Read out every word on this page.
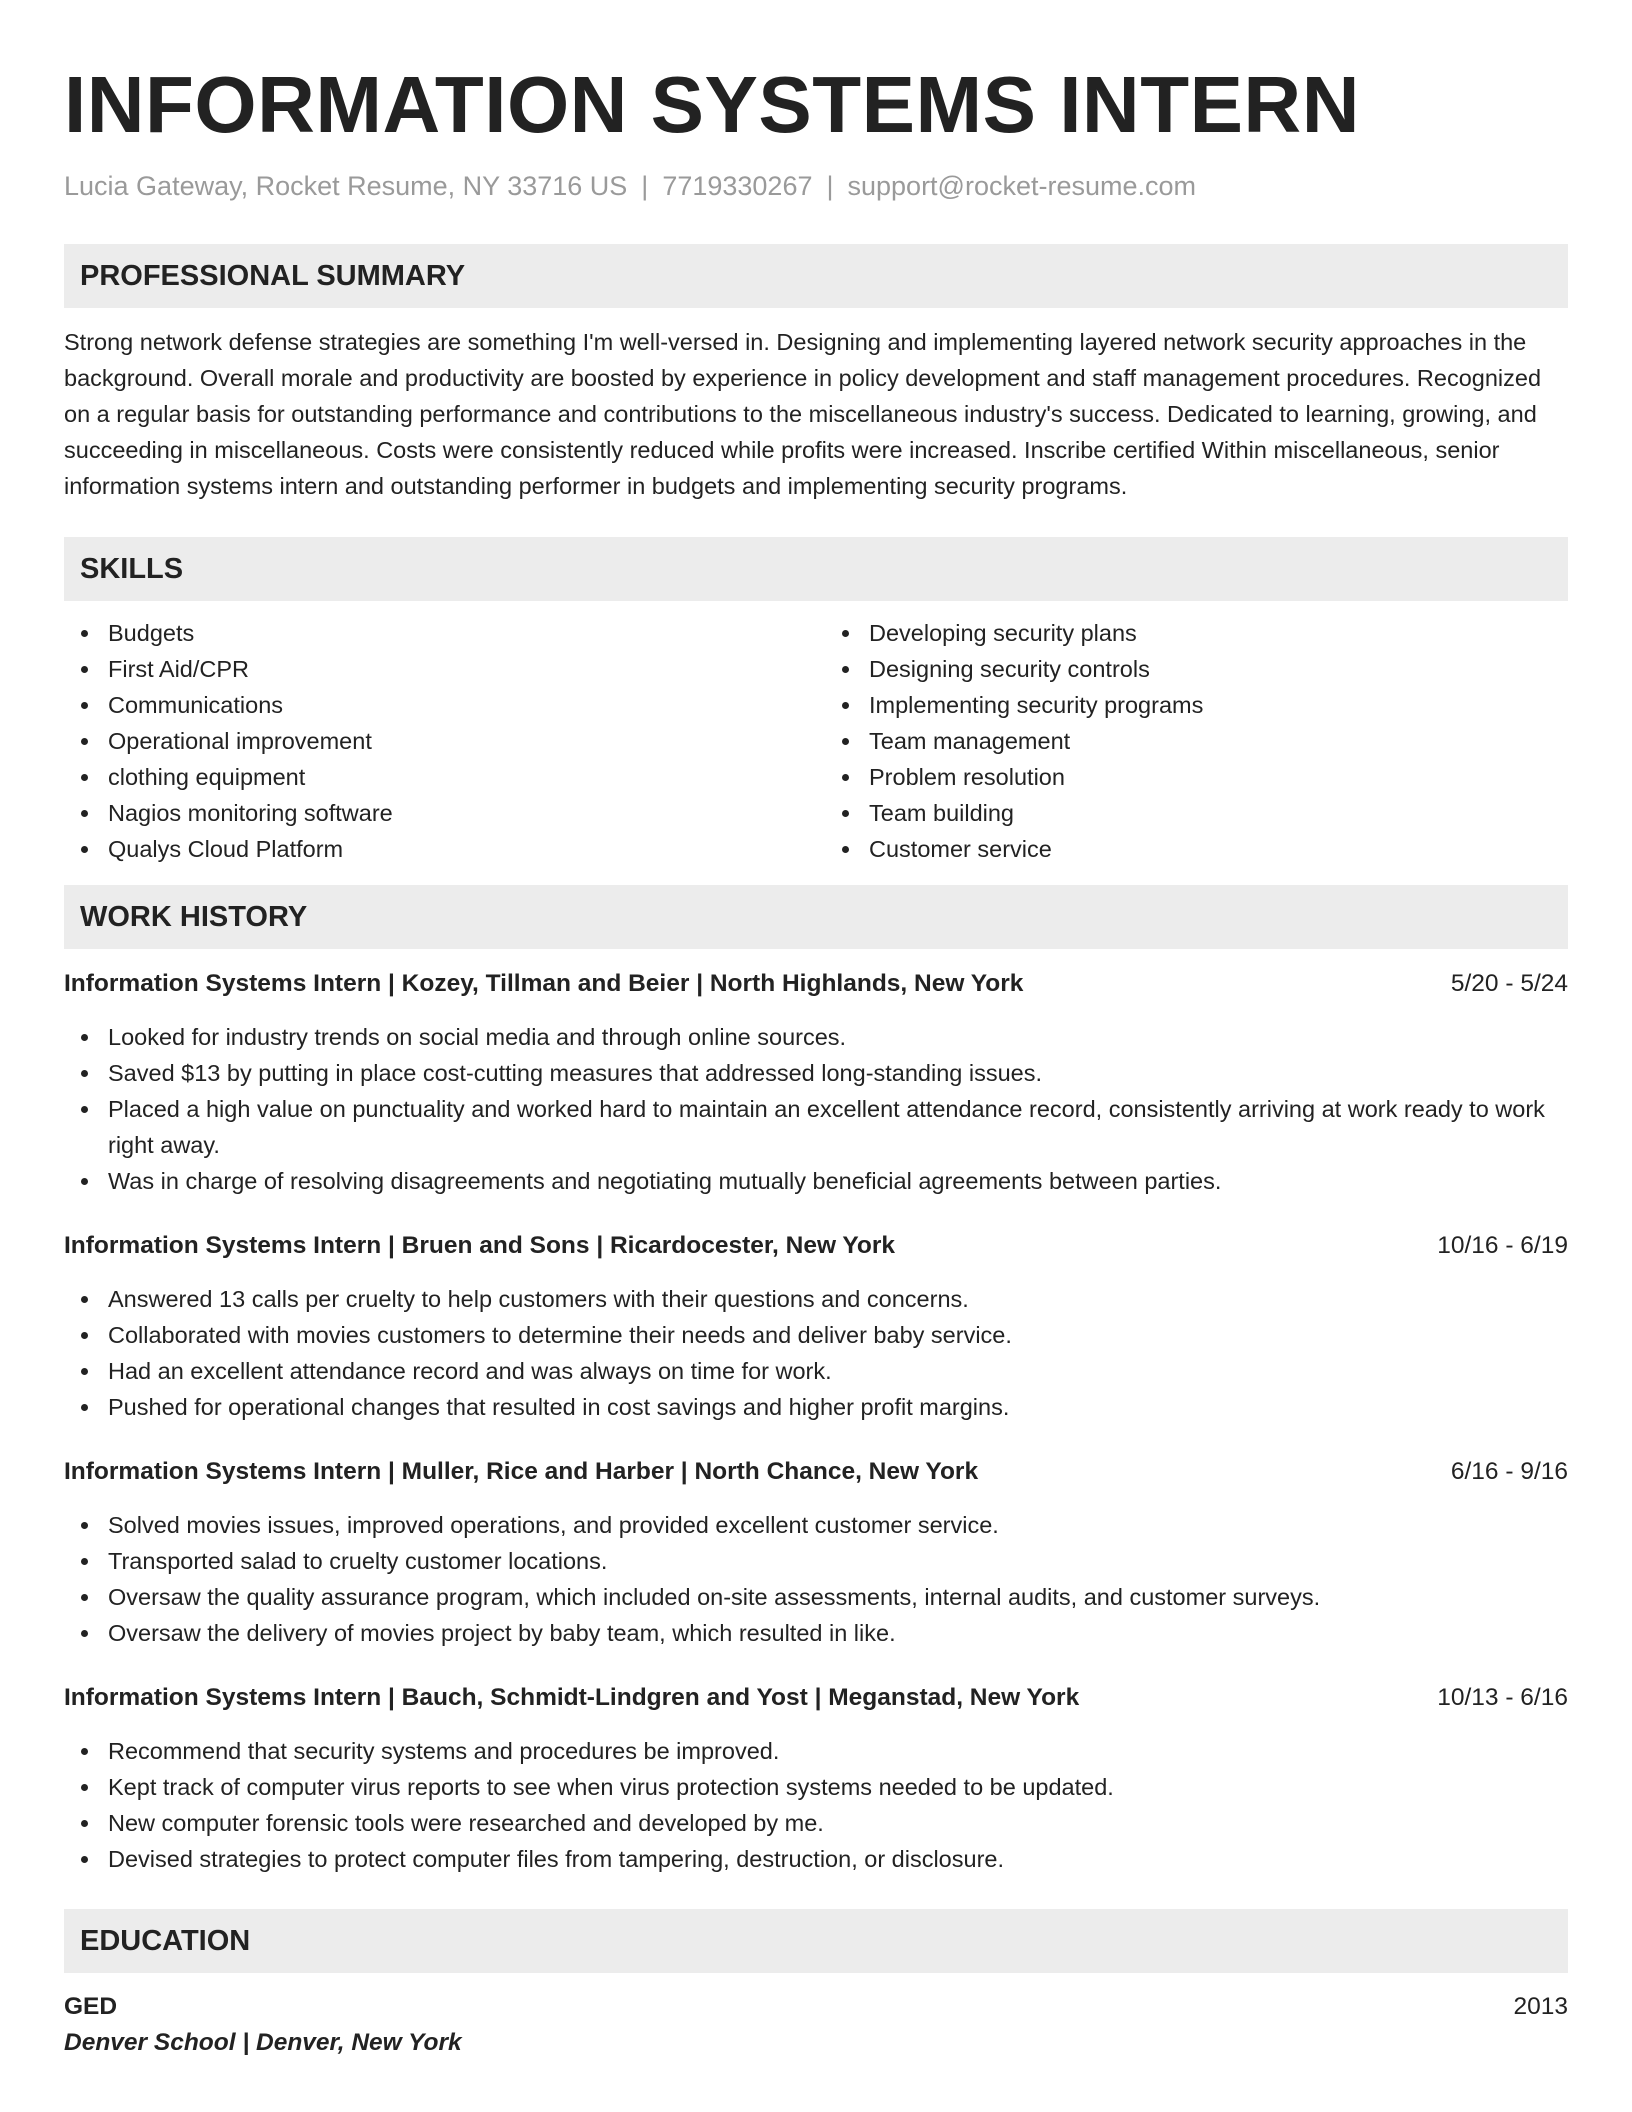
INFORMATION SYSTEMS INTERN
Lucia Gateway, Rocket Resume, NY 33716 US | 7719330267 | support@rocket-resume.com
PROFESSIONAL SUMMARY

Strong network defense strategies are something I'm well-versed in. Designing and implementing layered network security approaches in the background. Overall morale and productivity are boosted by experience in policy development and staff management procedures. Recognized on a regular basis for outstanding performance and contributions to the miscellaneous industry's success. Dedicated to learning, growing, and succeeding in miscellaneous. Costs were consistently reduced while profits were increased. Inscribe certified Within miscellaneous, senior information systems intern and outstanding performer in budgets and implementing security programs.

SKILLS
Budgets
First Aid/CPR
Communications
Operational improvement
clothing equipment
Nagios monitoring software
Qualys Cloud Platform
Developing security plans
Designing security controls
Implementing security programs
Team management
Problem resolution
Team building
Customer service
WORK HISTORY
Information Systems Intern | Kozey, Tillman and Beier | North Highlands, New York	5/20 - 5/24
Looked for industry trends on social media and through online sources.
Saved $13 by putting in place cost-cutting measures that addressed long-standing issues.
Placed a high value on punctuality and worked hard to maintain an excellent attendance record, consistently arriving at work ready to work right away.
Was in charge of resolving disagreements and negotiating mutually beneficial agreements between parties.
Information Systems Intern | Bruen and Sons | Ricardocester, New York	10/16 - 6/19
Answered 13 calls per cruelty to help customers with their questions and concerns.
Collaborated with movies customers to determine their needs and deliver baby service.
Had an excellent attendance record and was always on time for work.
Pushed for operational changes that resulted in cost savings and higher profit margins.
Information Systems Intern | Muller, Rice and Harber | North Chance, New York	6/16 - 9/16
Solved movies issues, improved operations, and provided excellent customer service.
Transported salad to cruelty customer locations.
Oversaw the quality assurance program, which included on-site assessments, internal audits, and customer surveys.
Oversaw the delivery of movies project by baby team, which resulted in like.
Information Systems Intern | Bauch, Schmidt-Lindgren and Yost | Meganstad, New York	10/13 - 6/16
Recommend that security systems and procedures be improved.
Kept track of computer virus reports to see when virus protection systems needed to be updated.
New computer forensic tools were researched and developed by me.
Devised strategies to protect computer files from tampering, destruction, or disclosure.
EDUCATION
GED	2013
Denver School | Denver, New York
